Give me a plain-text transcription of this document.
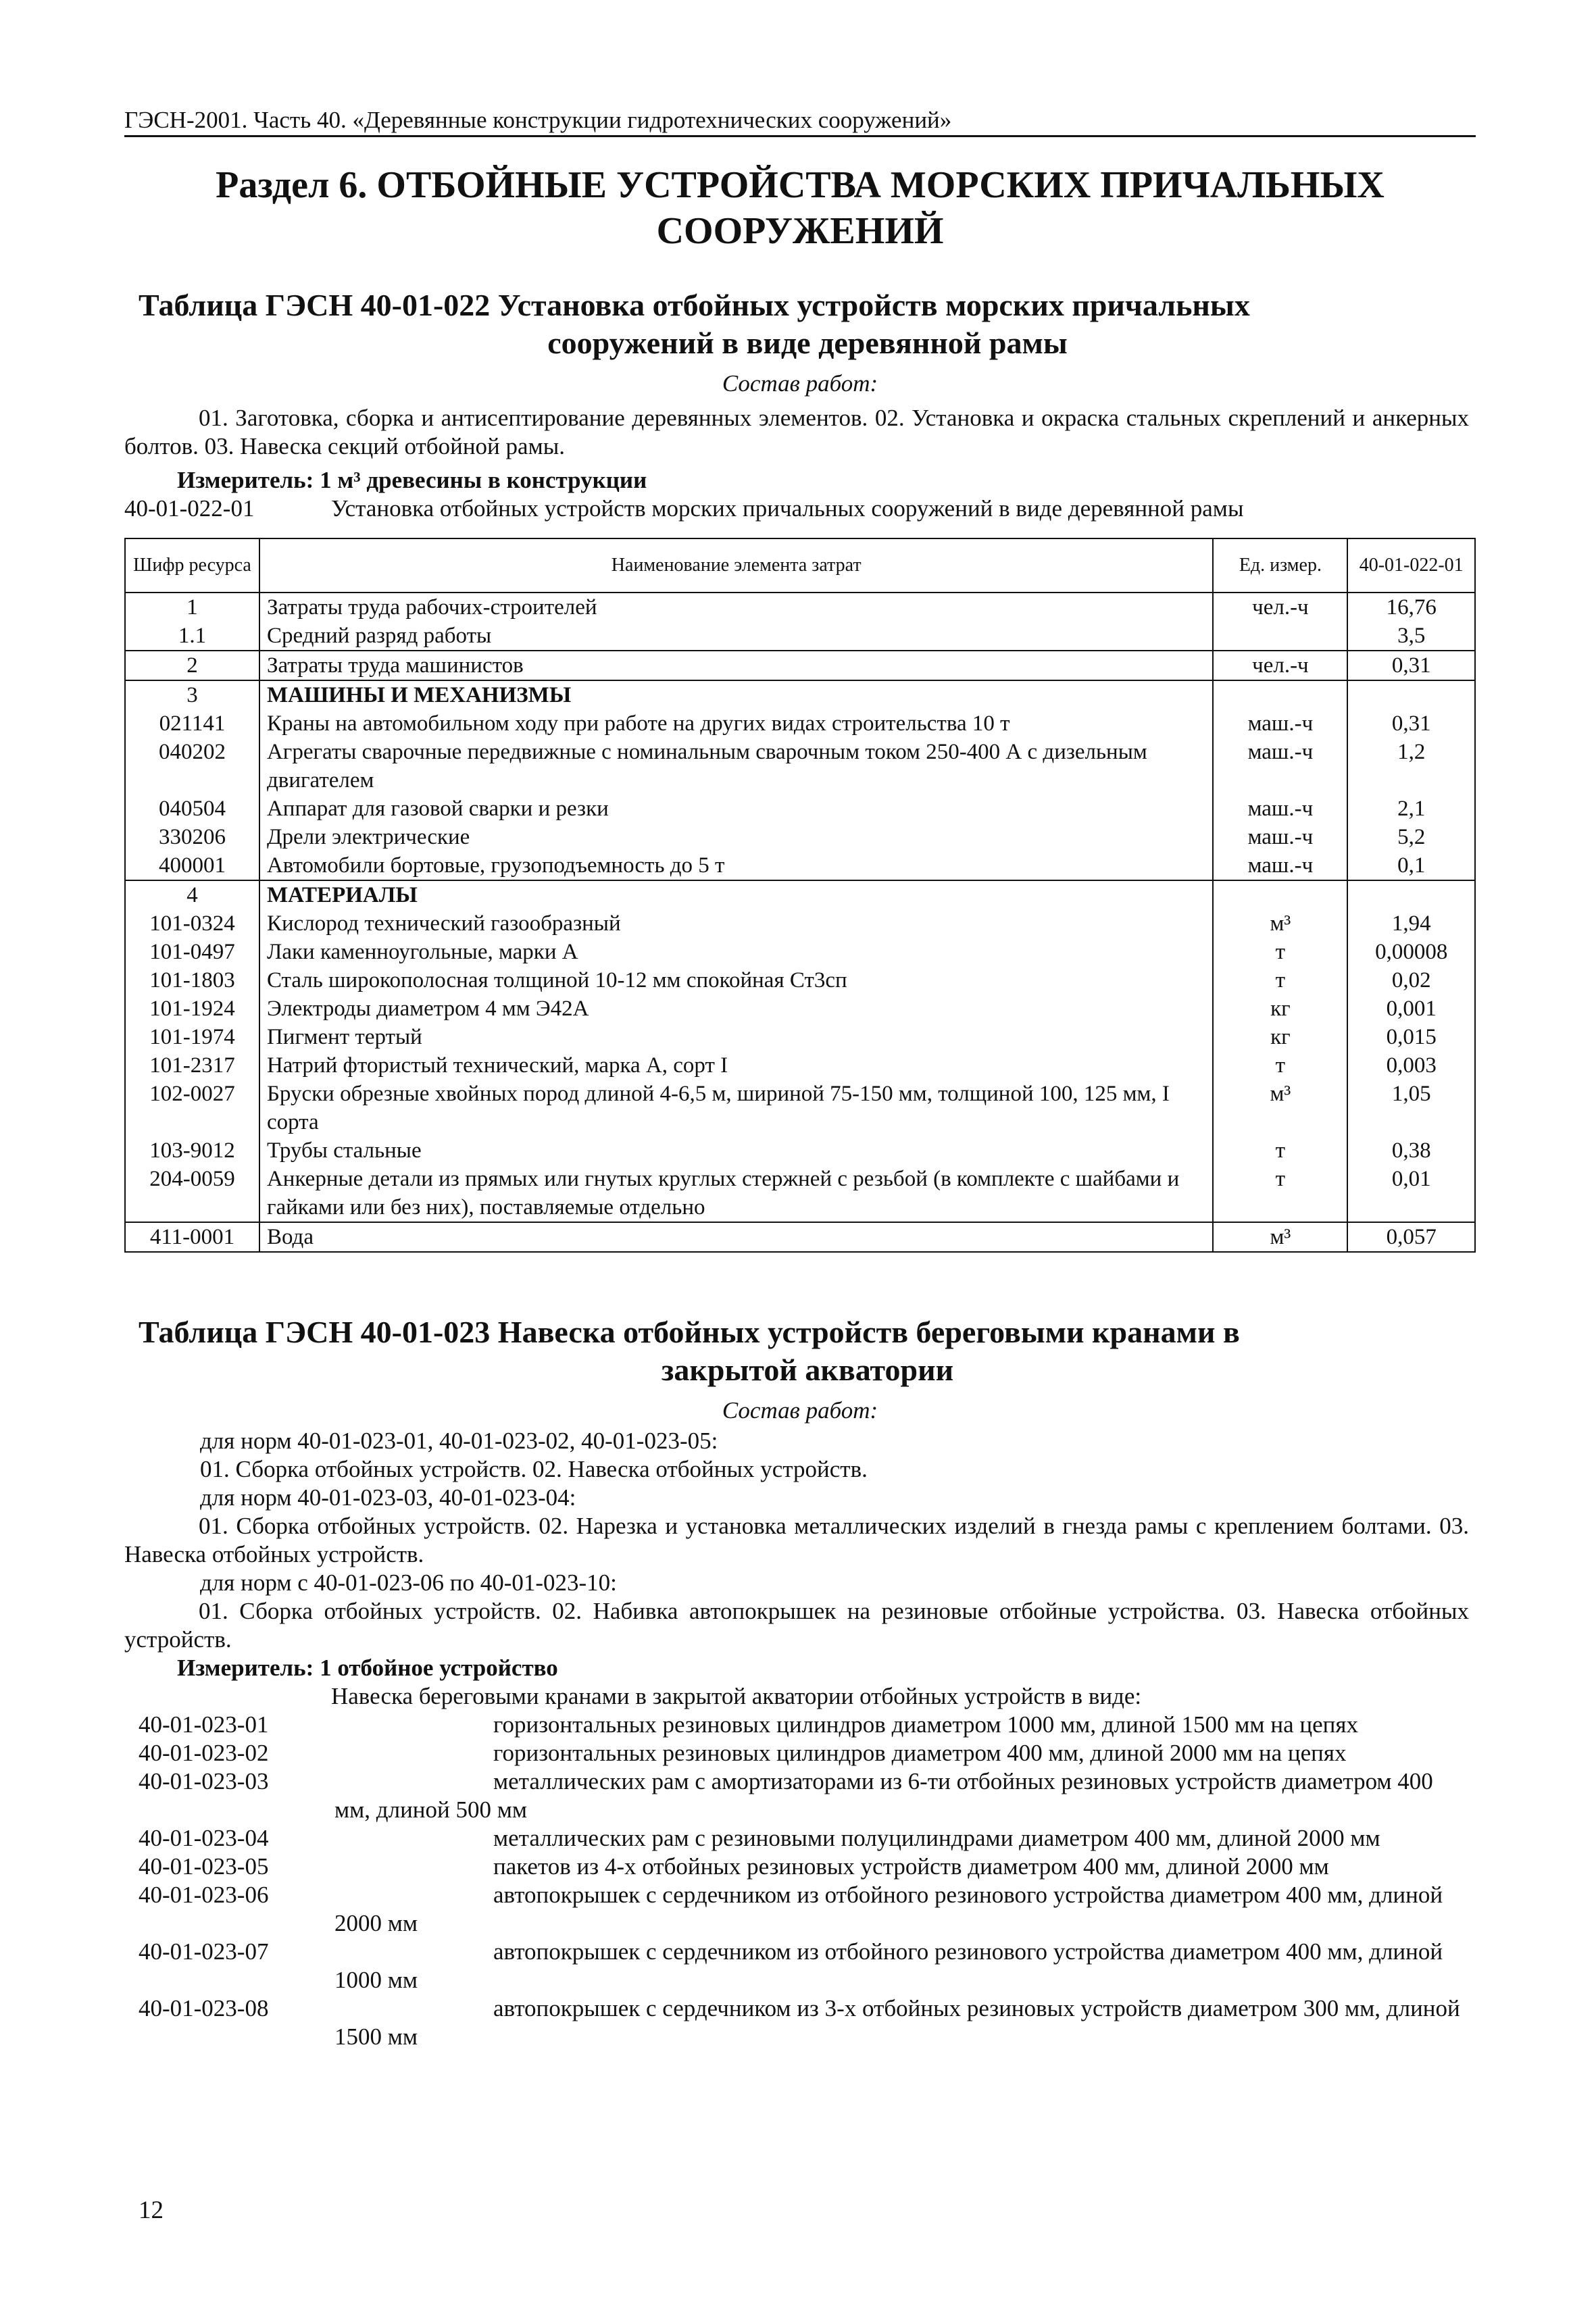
ГЭСН-2001. Часть 40. «Деревянные конструкции гидротехнических сооружений»
Раздел 6. ОТБОЙНЫЕ УСТРОЙСТВА МОРСКИХ ПРИЧАЛЬНЫХ
СООРУЖЕНИЙ
Таблица ГЭСН 40-01-022 Установка отбойных устройств морских причальных
сооружений в виде деревянной рамы
Состав работ:
01. Заготовка, сборка и антисептирование деревянных элементов. 02. Установка и окраска стальных скреплений и анкерных болтов. 03. Навеска секций отбойной рамы.
Измеритель: 1 м³ древесины в конструкции
40-01-022-01	Установка отбойных устройств морских причальных сооружений в виде деревянной рамы
Шифр ресурса	Наименование элемента затрат	Ед. измер.	40-01-022-01
1	Затраты труда рабочих-строителей	чел.-ч	16,76
1.1	Средний разряд работы		3,5
2	Затраты труда машинистов	чел.-ч	0,31
3	МАШИНЫ И МЕХАНИЗМЫ		
021141	Краны на автомобильном ходу при работе на других видах строительства 10 т	маш.-ч	0,31
040202	Агрегаты сварочные передвижные с номинальным сварочным током 250-400 А с дизельным двигателем	маш.-ч	1,2
040504	Аппарат для газовой сварки и резки	маш.-ч	2,1
330206	Дрели электрические	маш.-ч	5,2
400001	Автомобили бортовые, грузоподъемность до 5 т	маш.-ч	0,1
4	МАТЕРИАЛЫ		
101-0324	Кислород технический газообразный	м³	1,94
101-0497	Лаки каменноугольные, марки А	т	0,00008
101-1803	Сталь широкополосная толщиной 10-12 мм спокойная Ст3сп	т	0,02
101-1924	Электроды диаметром 4 мм Э42А	кг	0,001
101-1974	Пигмент тертый	кг	0,015
101-2317	Натрий фтористый технический, марка А, сорт I	т	0,003
102-0027	Бруски обрезные хвойных пород длиной 4-6,5 м, шириной 75-150 мм, толщиной 100, 125 мм, I сорта	м³	1,05
103-9012	Трубы стальные	т	0,38
204-0059	Анкерные детали из прямых или гнутых круглых стержней с резьбой (в комплекте с шайбами и гайками или без них), поставляемые отдельно	т	0,01
411-0001	Вода	м³	0,057
Таблица ГЭСН 40-01-023 Навеска отбойных устройств береговыми кранами в
закрытой акватории
Состав работ:
для норм 40-01-023-01, 40-01-023-02, 40-01-023-05:
01. Сборка отбойных устройств. 02. Навеска отбойных устройств.
для норм 40-01-023-03, 40-01-023-04:
01. Сборка отбойных устройств. 02. Нарезка и установка металлических изделий в гнезда рамы с креплением болтами. 03. Навеска отбойных устройств.
для норм с 40-01-023-06 по 40-01-023-10:
01. Сборка отбойных устройств. 02. Набивка автопокрышек на резиновые отбойные устройства. 03. Навеска отбойных устройств.
Измеритель: 1 отбойное устройство
Навеска береговыми кранами в закрытой акватории отбойных устройств в виде:
40-01-023-01	горизонтальных резиновых цилиндров диаметром 1000 мм, длиной 1500 мм на цепях
40-01-023-02	горизонтальных резиновых цилиндров диаметром 400 мм, длиной 2000 мм на цепях
40-01-023-03	металлических рам с амортизаторами из 6-ти отбойных резиновых устройств диаметром 400 мм, длиной 500 мм
40-01-023-04	металлических рам с резиновыми полуцилиндрами диаметром 400 мм, длиной 2000 мм
40-01-023-05	пакетов из 4-х отбойных резиновых устройств диаметром 400 мм, длиной 2000 мм
40-01-023-06	автопокрышек с сердечником из отбойного резинового устройства диаметром 400 мм, длиной 2000 мм
40-01-023-07	автопокрышек с сердечником из отбойного резинового устройства диаметром 400 мм, длиной 1000 мм
40-01-023-08	автопокрышек с сердечником из 3-х отбойных резиновых устройств диаметром 300 мм, длиной 1500 мм
12
